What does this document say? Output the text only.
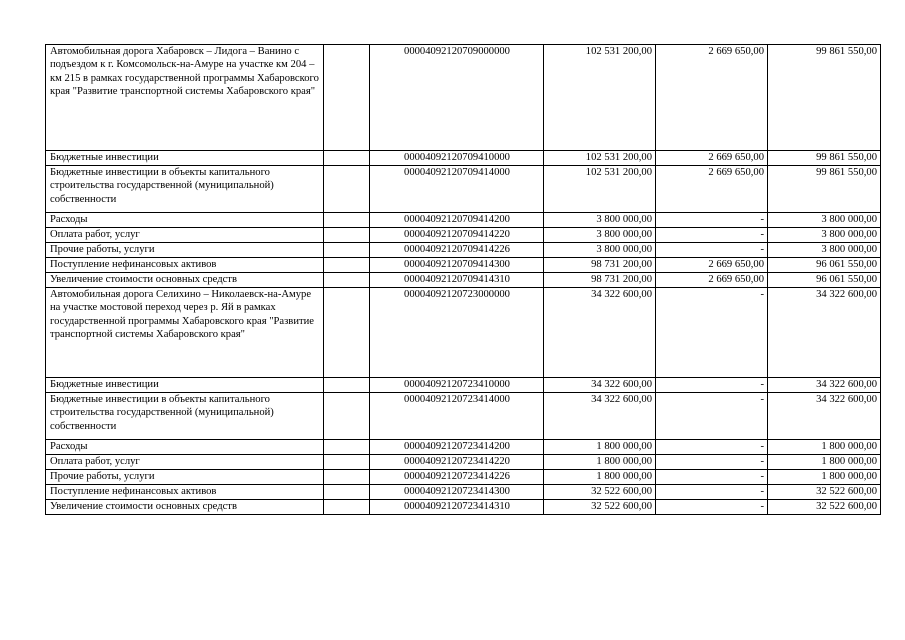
Автомобильная дорога Хабаровск – Лидога – Ванино с подъездом к г. Комсомольск-на-Амуре на участке км 204 – км 215 в рамках государственной программы Хабаровского края "Развитие транспортной системы Хабаровского края"		00004092120709000000	102 531 200,00	2 669 650,00	99 861 550,00
Бюджетные инвестиции		00004092120709410000	102 531 200,00	2 669 650,00	99 861 550,00
Бюджетные инвестиции в объекты капитального строительства государственной (муниципальной) собственности		00004092120709414000	102 531 200,00	2 669 650,00	99 861 550,00
Расходы		00004092120709414200	3 800 000,00	-	3 800 000,00
Оплата работ, услуг		00004092120709414220	3 800 000,00	-	3 800 000,00
Прочие работы, услуги		00004092120709414226	3 800 000,00	-	3 800 000,00
Поступление нефинансовых активов		00004092120709414300	98 731 200,00	2 669 650,00	96 061 550,00
Увеличение стоимости основных средств		00004092120709414310	98 731 200,00	2 669 650,00	96 061 550,00
Автомобильная дорога Селихино – Николаевск-на-Амуре на участке мостовой переход через р. Яй в рамках государственной программы Хабаровского края "Развитие транспортной системы Хабаровского края"		00004092120723000000	34 322 600,00	-	34 322 600,00
Бюджетные инвестиции		00004092120723410000	34 322 600,00	-	34 322 600,00
Бюджетные инвестиции в объекты капитального строительства государственной (муниципальной) собственности		00004092120723414000	34 322 600,00	-	34 322 600,00
Расходы		00004092120723414200	1 800 000,00	-	1 800 000,00
Оплата работ, услуг		00004092120723414220	1 800 000,00	-	1 800 000,00
Прочие работы, услуги		00004092120723414226	1 800 000,00	-	1 800 000,00
Поступление нефинансовых активов		00004092120723414300	32 522 600,00	-	32 522 600,00
Увеличение стоимости основных средств		00004092120723414310	32 522 600,00	-	32 522 600,00
